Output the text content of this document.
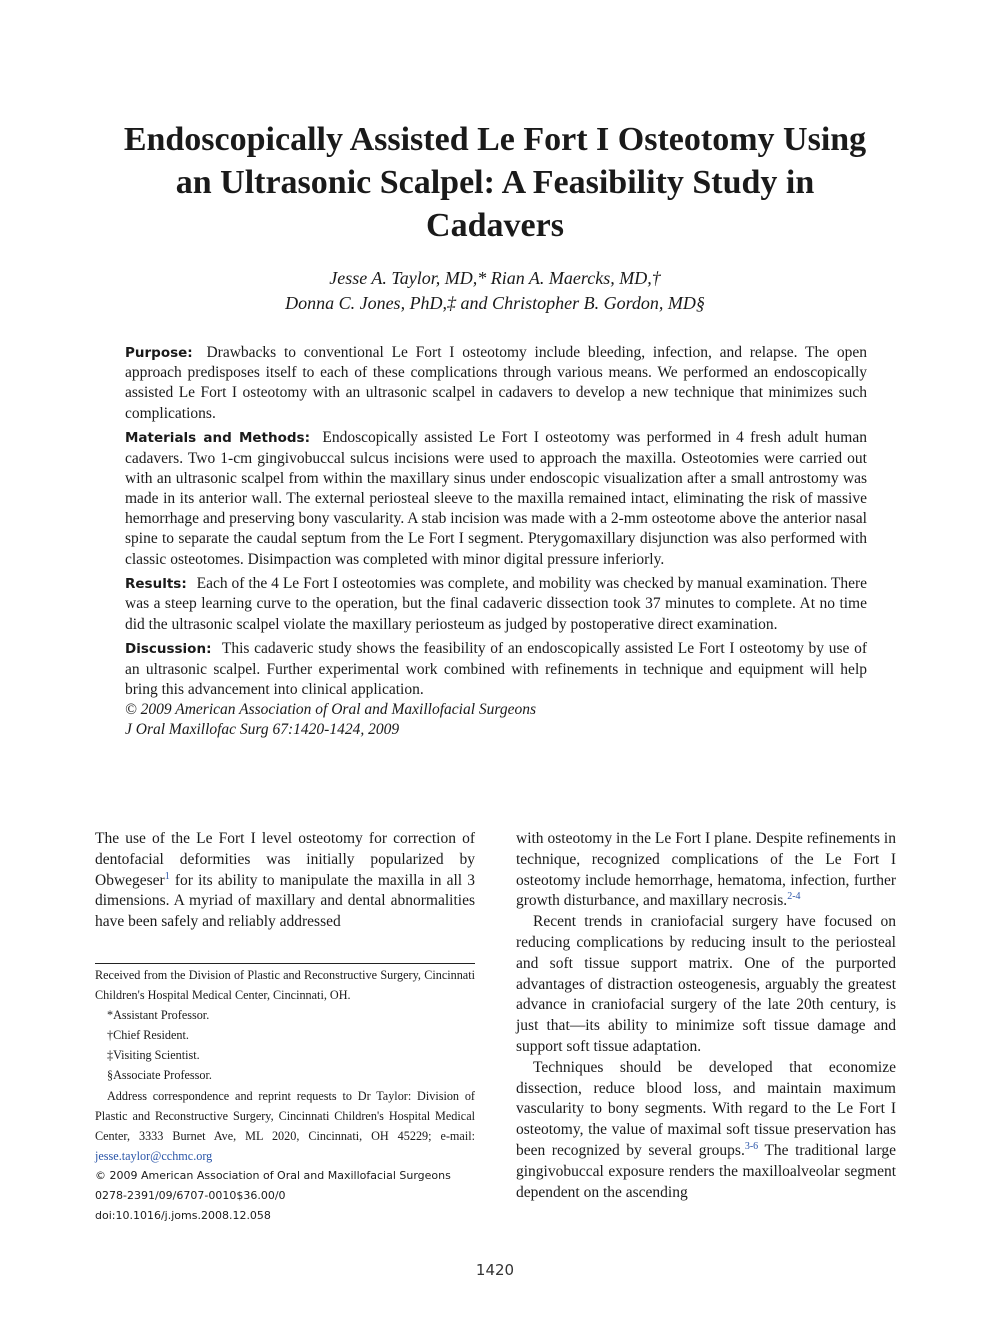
Endoscopically Assisted Le Fort I Osteotomy Using an Ultrasonic Scalpel: A Feasibility Study in Cadavers
Jesse A. Taylor, MD,* Rian A. Maercks, MD,†
Donna C. Jones, PhD,‡ and Christopher B. Gordon, MD§

Purpose: Drawbacks to conventional Le Fort I osteotomy include bleeding, infection, and relapse. The open approach predisposes itself to each of these complications through various means. We performed an endoscopically assisted Le Fort I osteotomy with an ultrasonic scalpel in cadavers to develop a new technique that minimizes such complications.

Materials and Methods: Endoscopically assisted Le Fort I osteotomy was performed in 4 fresh adult human cadavers. Two 1-cm gingivobuccal sulcus incisions were used to approach the maxilla. Osteotomies were carried out with an ultrasonic scalpel from within the maxillary sinus under endoscopic visualization after a small antrostomy was made in its anterior wall. The external periosteal sleeve to the maxilla remained intact, eliminating the risk of massive hemorrhage and preserving bony vascularity. A stab incision was made with a 2-mm osteotome above the anterior nasal spine to separate the caudal septum from the Le Fort I segment. Pterygomaxillary disjunction was also performed with classic osteotomes. Disimpaction was completed with minor digital pressure inferiorly.

Results: Each of the 4 Le Fort I osteotomies was complete, and mobility was checked by manual examination. There was a steep learning curve to the operation, but the final cadaveric dissection took 37 minutes to complete. At no time did the ultrasonic scalpel violate the maxillary periosteum as judged by postoperative direct examination.

Discussion: This cadaveric study shows the feasibility of an endoscopically assisted Le Fort I osteotomy by use of an ultrasonic scalpel. Further experimental work combined with refinements in technique and equipment will help bring this advancement into clinical application.

© 2009 American Association of Oral and Maxillofacial Surgeons

J Oral Maxillofac Surg 67:1420-1424, 2009

The use of the Le Fort I level osteotomy for correction of dentofacial deformities was initially popularized by Obwegeser$^1$ for its ability to manipulate the maxilla in all 3 dimensions. A myriad of maxillary and dental abnormalities have been safely and reliably addressed

Received from the Division of Plastic and Reconstructive Surgery, Cincinnati Children's Hospital Medical Center, Cincinnati, OH.

*Assistant Professor.

†Chief Resident.

‡Visiting Scientist.

§Associate Professor.

Address correspondence and reprint requests to Dr Taylor: Division of Plastic and Reconstructive Surgery, Cincinnati Children's Hospital Medical Center, 3333 Burnet Ave, ML 2020, Cincinnati, OH 45229; e-mail: jesse.taylor@cchmc.org

© 2009 American Association of Oral and Maxillofacial Surgeons

0278-2391/09/6707-0010$36.00/0

doi:10.1016/j.joms.2008.12.058

with osteotomy in the Le Fort I plane. Despite refinements in technique, recognized complications of the Le Fort I osteotomy include hemorrhage, hematoma, infection, further growth disturbance, and maxillary necrosis.$^{2-4}$

Recent trends in craniofacial surgery have focused on reducing complications by reducing insult to the periosteal and soft tissue support matrix. One of the purported advantages of distraction osteogenesis, arguably the greatest advance in craniofacial surgery of the late 20th century, is just that—its ability to minimize soft tissue damage and support soft tissue adaptation.

Techniques should be developed that economize dissection, reduce blood loss, and maintain maximum vascularity to bony segments. With regard to the Le Fort I osteotomy, the value of maximal soft tissue preservation has been recognized by several groups.$^{3-6}$ The traditional large gingivobuccal exposure renders the maxilloalveolar segment dependent on the ascending

1420
